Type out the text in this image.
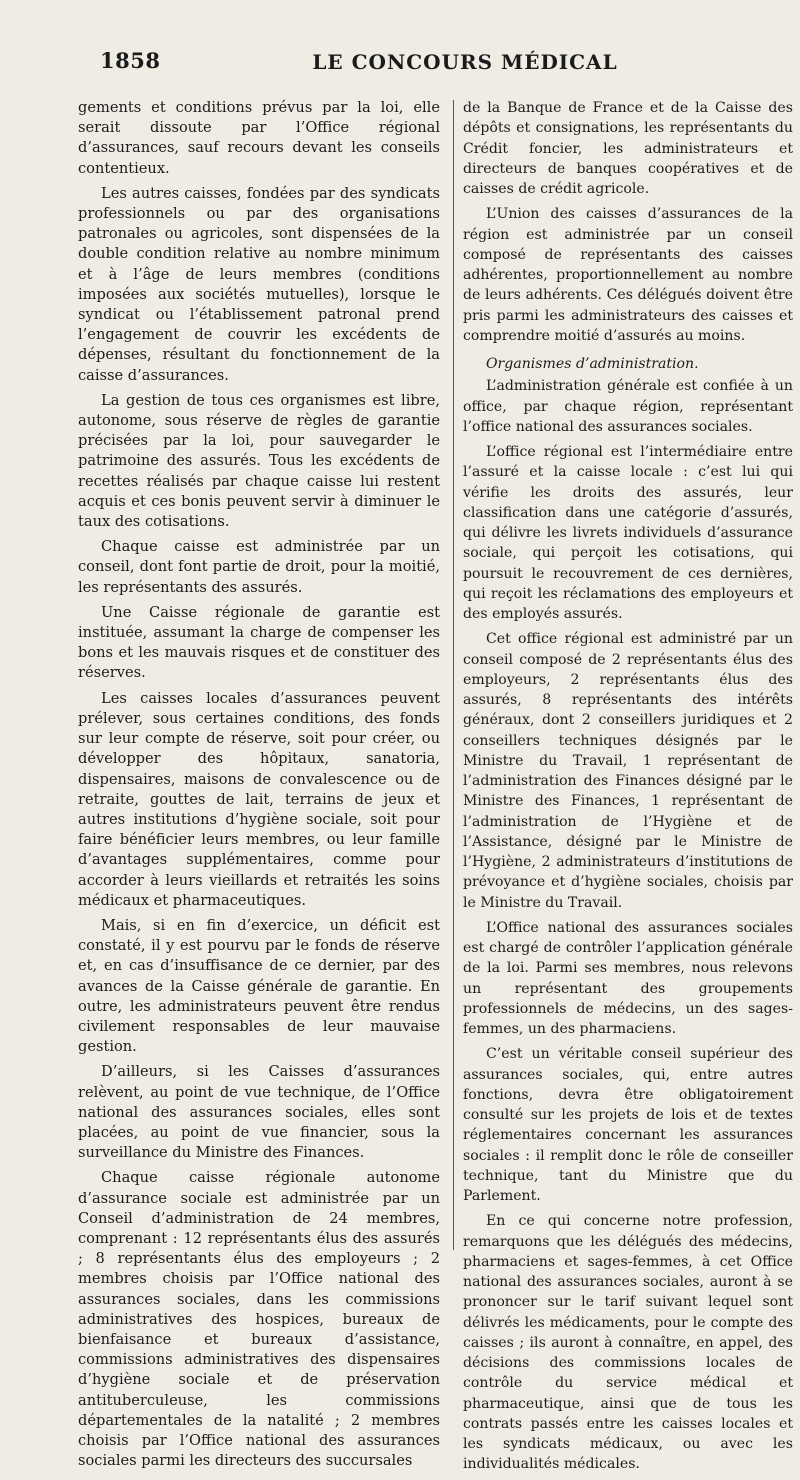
1858	LE CONCOURS MÉDICAL

gements et conditions prévus par la loi, elle serait dissoute par l’Office régional d’assurances, sauf recours devant les conseils contentieux.

Les autres caisses, fondées par des syndicats professionnels ou par des organisations patronales ou agricoles, sont dispensées de la double condition relative au nombre minimum et à l’âge de leurs membres (conditions imposées aux sociétés mutuelles), lorsque le syndicat ou l’établissement patronal prend l’engagement de couvrir les excédents de dépenses, résultant du fonctionnement de la caisse d’assurances.

La gestion de tous ces organismes est libre, autonome, sous réserve de règles de garantie précisées par la loi, pour sauvegarder le patrimoine des assurés. Tous les excédents de recettes réalisés par chaque caisse lui restent acquis et ces bonis peuvent servir à diminuer le taux des cotisations.

Chaque caisse est administrée par un conseil, dont font partie de droit, pour la moitié, les représentants des assurés.

Une Caisse régionale de garantie est instituée, assumant la charge de compenser les bons et les mauvais risques et de constituer des réserves.

Les caisses locales d’assurances peuvent prélever, sous certaines conditions, des fonds sur leur compte de réserve, soit pour créer, ou développer des hôpitaux, sanatoria, dispensaires, maisons de convalescence ou de retraite, gouttes de lait, terrains de jeux et autres institutions d’hygiène sociale, soit pour faire bénéficier leurs membres, ou leur famille d’avantages supplémentaires, comme pour accorder à leurs vieillards et retraités les soins médicaux et pharmaceutiques.

Mais, si en fin d’exercice, un déficit est constaté, il y est pourvu par le fonds de réserve et, en cas d’insuffisance de ce dernier, par des avances de la Caisse générale de garantie. En outre, les administrateurs peuvent être rendus civilement responsables de leur mauvaise gestion.

D’ailleurs, si les Caisses d’assurances relèvent, au point de vue technique, de l’Office national des assurances sociales, elles sont placées, au point de vue financier, sous la surveillance du Ministre des Finances.

Chaque caisse régionale autonome d’assurance sociale est administrée par un Conseil d’administration de 24 membres, comprenant : 12 représentants élus des assurés ; 8 représentants élus des employeurs ; 2 membres choisis par l’Office national des assurances sociales, dans les commissions administratives des hospices, bureaux de bienfaisance et bureaux d’assistance, commissions administratives des dispensaires d’hygiène sociale et de préservation antituberculeuse, les commissions départementales de la natalité ; 2 membres choisis par l’Office national des assurances sociales parmi les directeurs des succursales

de la Banque de France et de la Caisse des dépôts et consignations, les représentants du Crédit foncier, les administrateurs et directeurs de banques coopératives et de caisses de crédit agricole.

L’Union des caisses d’assurances de la région est administrée par un conseil composé de représentants des caisses adhérentes, proportionnellement au nombre de leurs adhérents. Ces délégués doivent être pris parmi les administrateurs des caisses et comprendre moitié d’assurés au moins.

Organismes d’administration.

L’administration générale est confiée à un office, par chaque région, représentant l’office national des assurances sociales.

L’office régional est l’intermédiaire entre l’assuré et la caisse locale : c’est lui qui vérifie les droits des assurés, leur classification dans une catégorie d’assurés, qui délivre les livrets individuels d’assurance sociale, qui perçoit les cotisations, qui poursuit le recouvrement de ces dernières, qui reçoit les réclamations des employeurs et des employés assurés.

Cet office régional est administré par un conseil composé de 2 représentants élus des employeurs, 2 représentants élus des assurés, 8 représentants des intérêts généraux, dont 2 conseillers juridiques et 2 conseillers techniques désignés par le Ministre du Travail, 1 représentant de l’administration des Finances désigné par le Ministre des Finances, 1 représentant de l’administration de l’Hygiène et de l’Assistance, désigné par le Ministre de l’Hygiène, 2 administrateurs d’institutions de prévoyance et d’hygiène sociales, choisis par le Ministre du Travail.

L’Office national des assurances sociales est chargé de contrôler l’application générale de la loi. Parmi ses membres, nous relevons un représentant des groupements professionnels de médecins, un des sages-femmes, un des pharmaciens.

C’est un véritable conseil supérieur des assurances sociales, qui, entre autres fonctions, devra être obligatoirement consulté sur les projets de lois et de textes réglementaires concernant les assurances sociales : il remplit donc le rôle de conseiller technique, tant du Ministre que du Parlement.

En ce qui concerne notre profession, remarquons que les délégués des médecins, pharmaciens et sages-femmes, à cet Office national des assurances sociales, auront à se prononcer sur le tarif suivant lequel sont délivrés les médicaments, pour le compte des caisses ; ils auront à connaître, en appel, des décisions des commissions locales de contrôle du service médical et pharmaceutique, ainsi que de tous les contrats passés entre les caisses locales et les syndicats médicaux, ou avec les individualités médicales.
